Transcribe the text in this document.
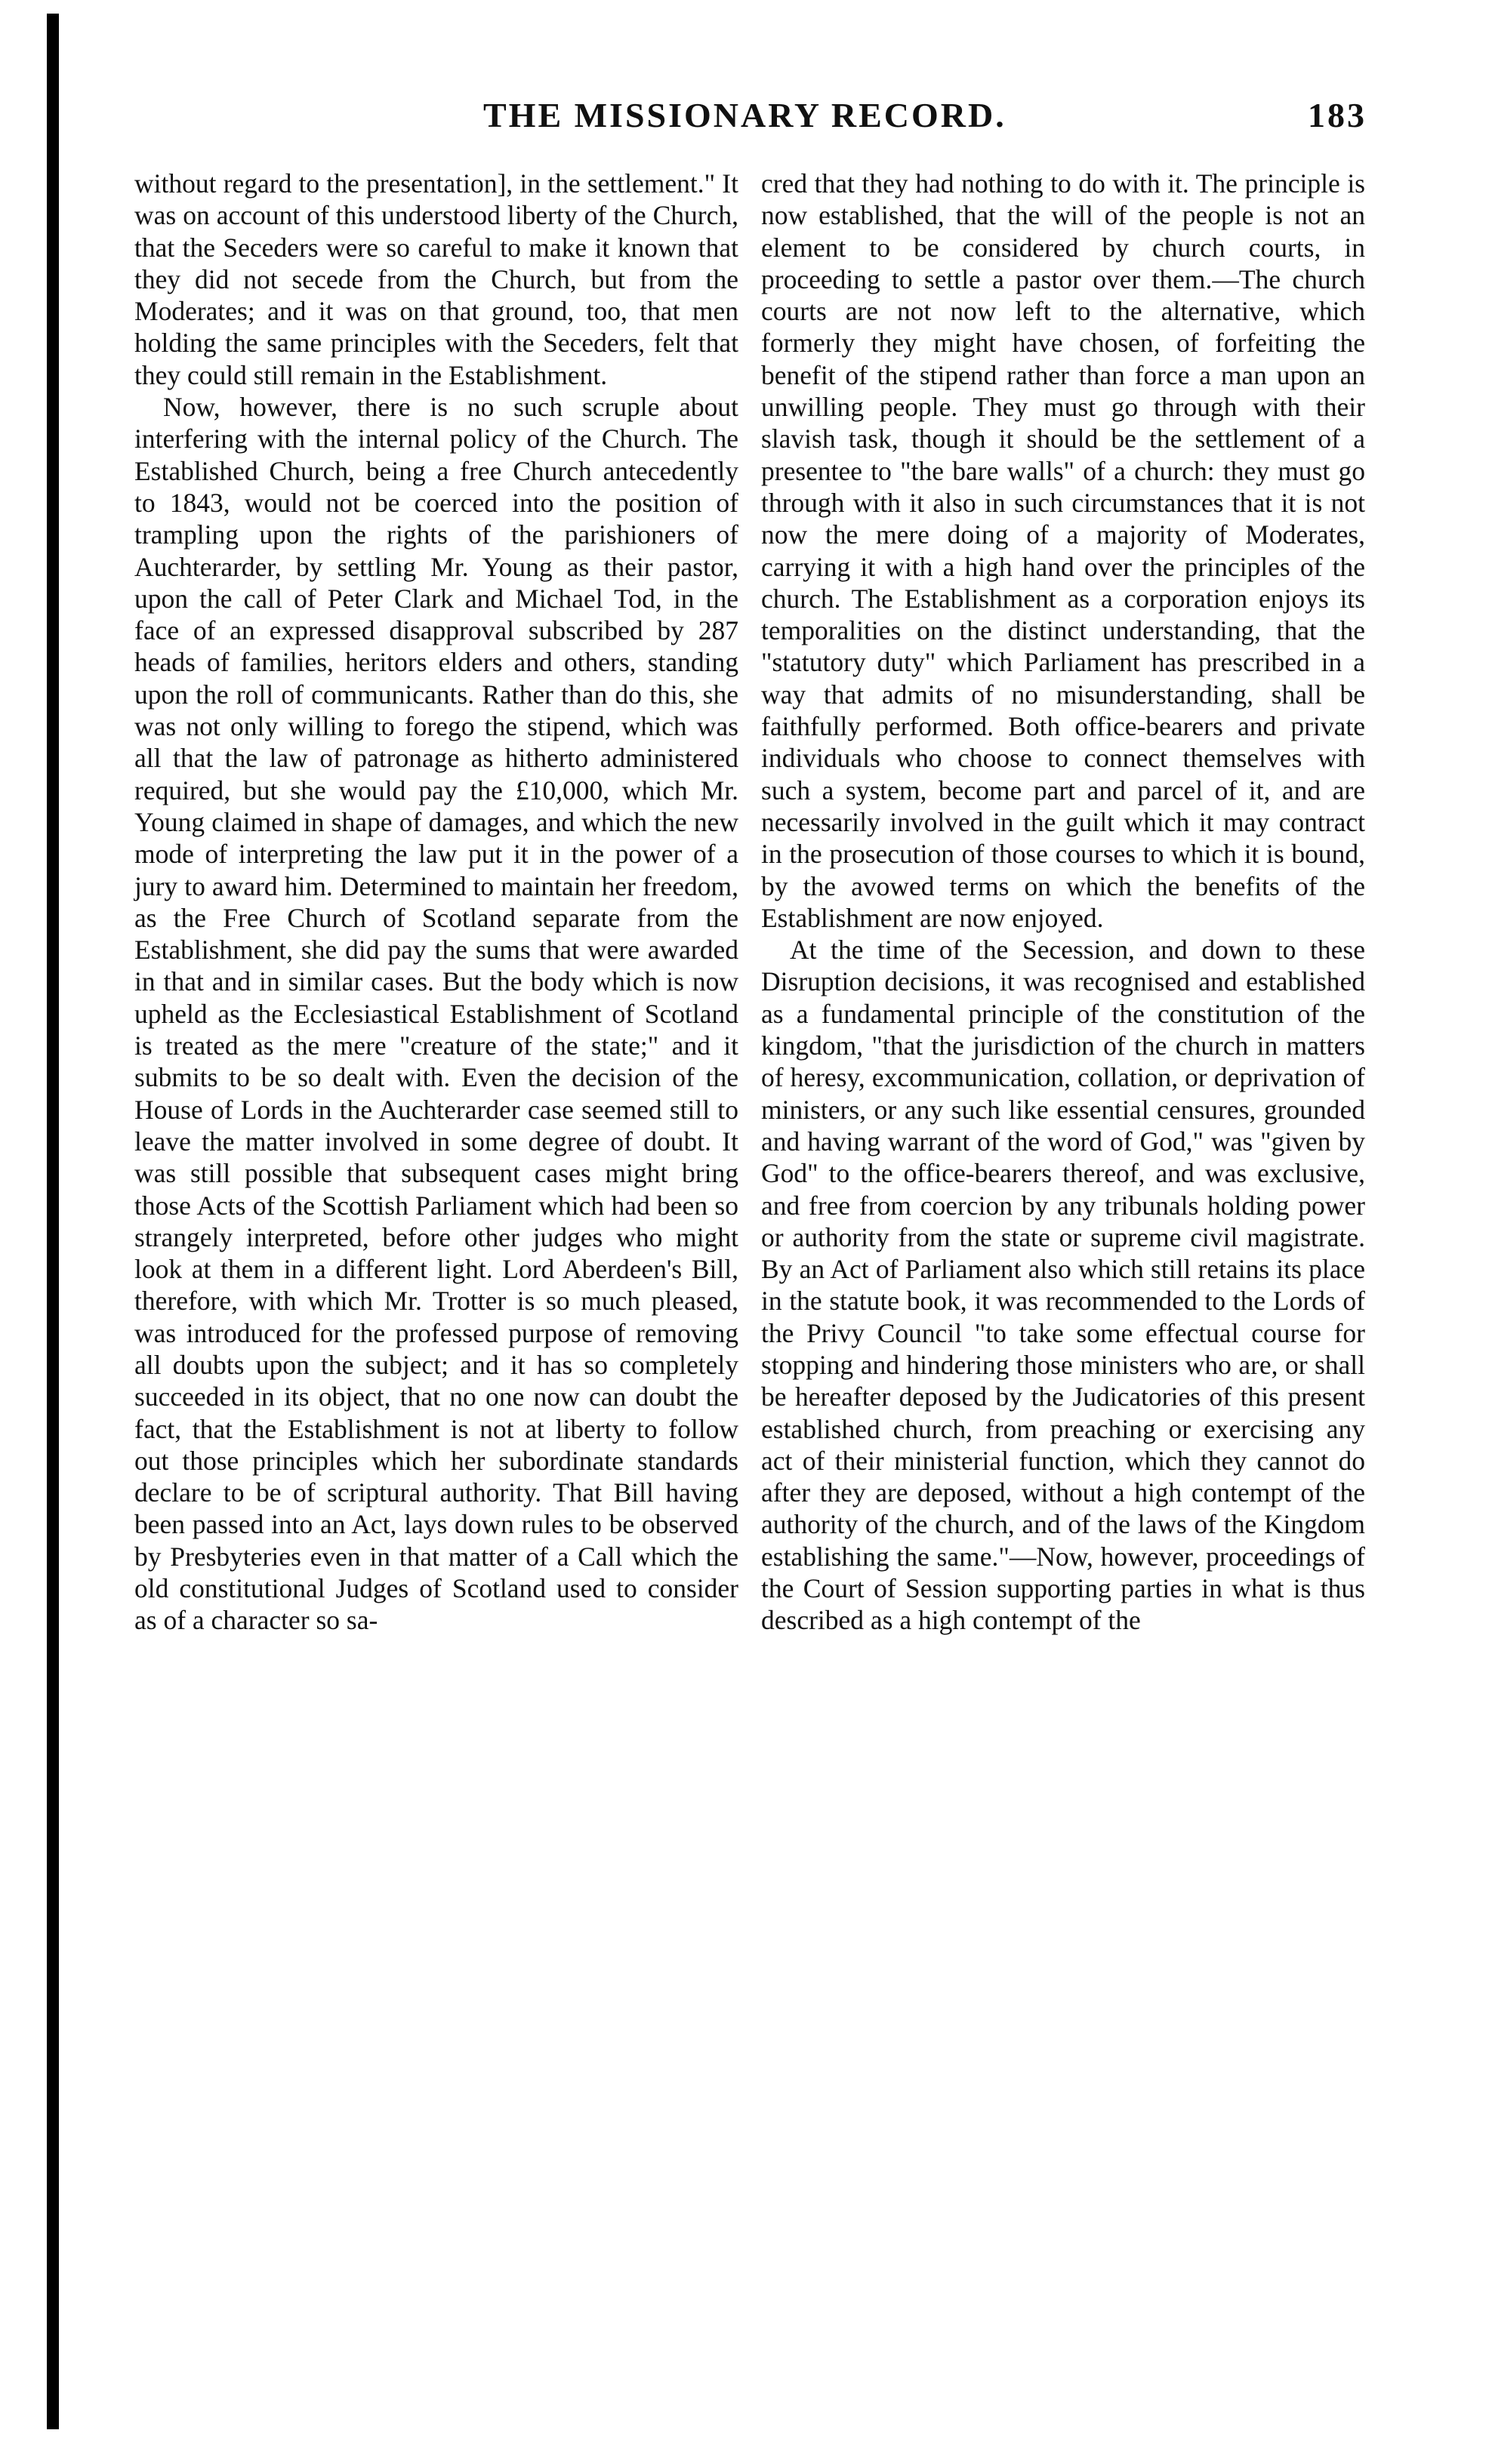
THE MISSIONARY RECORD.	183

without regard to the presentation], in the settlement." It was on account of this understood liberty of the Church, that the Seceders were so careful to make it known that they did not secede from the Church, but from the Moderates; and it was on that ground, too, that men holding the same principles with the Seceders, felt that they could still remain in the Establishment.

Now, however, there is no such scruple about interfering with the internal policy of the Church. The Established Church, being a free Church antecedently to 1843, would not be coerced into the position of trampling upon the rights of the parishioners of Auchterarder, by settling Mr. Young as their pastor, upon the call of Peter Clark and Michael Tod, in the face of an expressed disapproval subscribed by 287 heads of families, heritors elders and others, standing upon the roll of communicants. Rather than do this, she was not only willing to forego the stipend, which was all that the law of patronage as hitherto administered required, but she would pay the £10,000, which Mr. Young claimed in shape of damages, and which the new mode of interpreting the law put it in the power of a jury to award him. Determined to maintain her freedom, as the Free Church of Scotland separate from the Establishment, she did pay the sums that were awarded in that and in similar cases. But the body which is now upheld as the Ecclesiastical Establishment of Scotland is treated as the mere "creature of the state;" and it submits to be so dealt with. Even the decision of the House of Lords in the Auchterarder case seemed still to leave the matter involved in some degree of doubt. It was still possible that subsequent cases might bring those Acts of the Scottish Parliament which had been so strangely interpreted, before other judges who might look at them in a different light. Lord Aberdeen's Bill, therefore, with which Mr. Trotter is so much pleased, was introduced for the professed purpose of removing all doubts upon the subject; and it has so completely succeeded in its object, that no one now can doubt the fact, that the Establishment is not at liberty to follow out those principles which her subordinate standards declare to be of scriptural authority. That Bill having been passed into an Act, lays down rules to be observed by Presbyteries even in that matter of a Call which the old constitutional Judges of Scotland used to consider as of a character so sa-

cred that they had nothing to do with it. The principle is now established, that the will of the people is not an element to be considered by church courts, in proceeding to settle a pastor over them.—The church courts are not now left to the alternative, which formerly they might have chosen, of forfeiting the benefit of the stipend rather than force a man upon an unwilling people. They must go through with their slavish task, though it should be the settlement of a presentee to "the bare walls" of a church: they must go through with it also in such circumstances that it is not now the mere doing of a majority of Moderates, carrying it with a high hand over the principles of the church. The Establishment as a corporation enjoys its temporalities on the distinct understanding, that the "statutory duty" which Parliament has prescribed in a way that admits of no misunderstanding, shall be faithfully performed. Both office-bearers and private individuals who choose to connect themselves with such a system, become part and parcel of it, and are necessarily involved in the guilt which it may contract in the prosecution of those courses to which it is bound, by the avowed terms on which the benefits of the Establishment are now enjoyed.

At the time of the Secession, and down to these Disruption decisions, it was recognised and established as a fundamental principle of the constitution of the kingdom, "that the jurisdiction of the church in matters of heresy, excommunication, collation, or deprivation of ministers, or any such like essential censures, grounded and having warrant of the word of God," was "given by God" to the office-bearers thereof, and was exclusive, and free from coercion by any tribunals holding power or authority from the state or supreme civil magistrate. By an Act of Parliament also which still retains its place in the statute book, it was recommended to the Lords of the Privy Council "to take some effectual course for stopping and hindering those ministers who are, or shall be hereafter deposed by the Judicatories of this present established church, from preaching or exercising any act of their ministerial function, which they cannot do after they are deposed, without a high contempt of the authority of the church, and of the laws of the Kingdom establishing the same."—Now, however, proceedings of the Court of Session supporting parties in what is thus described as a high contempt of the
